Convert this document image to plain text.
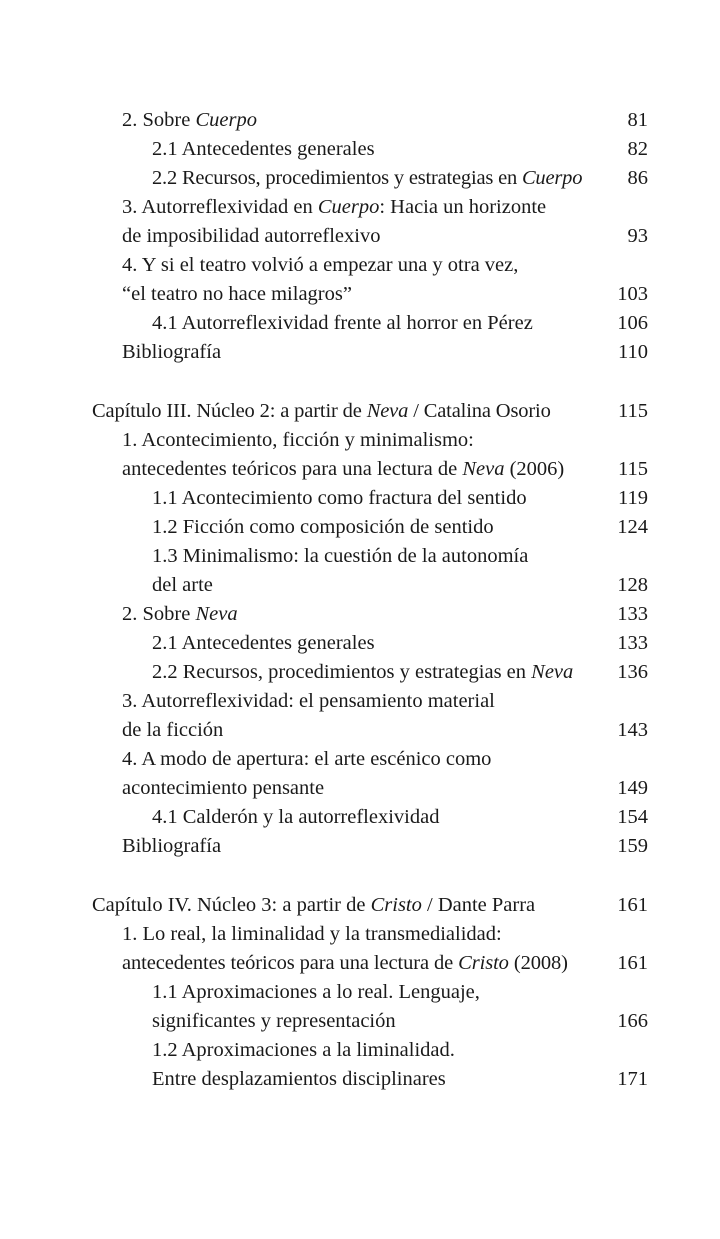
2. Sobre Cuerpo	81
2.1 Antecedentes generales	82
2.2 Recursos, procedimientos y estrategias en Cuerpo 86
3. Autorreflexividad en Cuerpo: Hacia un horizonte
de imposibilidad autorreflexivo	93
4. Y si el teatro volvió a empezar una y otra vez,
“el teatro no hace milagros”	103
4.1 Autorreflexividad frente al horror en Pérez	106
Bibliografía	110
Capítulo III. Núcleo 2: a partir de Neva / Catalina Osorio	115
1. Acontecimiento, ficción y minimalismo:
antecedentes teóricos para una lectura de Neva (2006)	115
1.1 Acontecimiento como fractura del sentido	119
1.2 Ficción como composición de sentido	124
1.3 Minimalismo: la cuestión de la autonomía
del arte	128
2. Sobre Neva	133
2.1 Antecedentes generales	133
2.2 Recursos, procedimientos y estrategias en Neva 136
3. Autorreflexividad: el pensamiento material
de la ficción	143
4. A modo de apertura: el arte escénico como
acontecimiento pensante	149
4.1 Calderón y la autorreflexividad	154
Bibliografía	159
Capítulo IV. Núcleo 3: a partir de Cristo / Dante Parra	161
1. Lo real, la liminalidad y la transmedialidad:
antecedentes teóricos para una lectura de Cristo (2008) 161
1.1 Aproximaciones a lo real. Lenguaje,
significantes y representación	166
1.2 Aproximaciones a la liminalidad.
Entre desplazamientos disciplinares	171
